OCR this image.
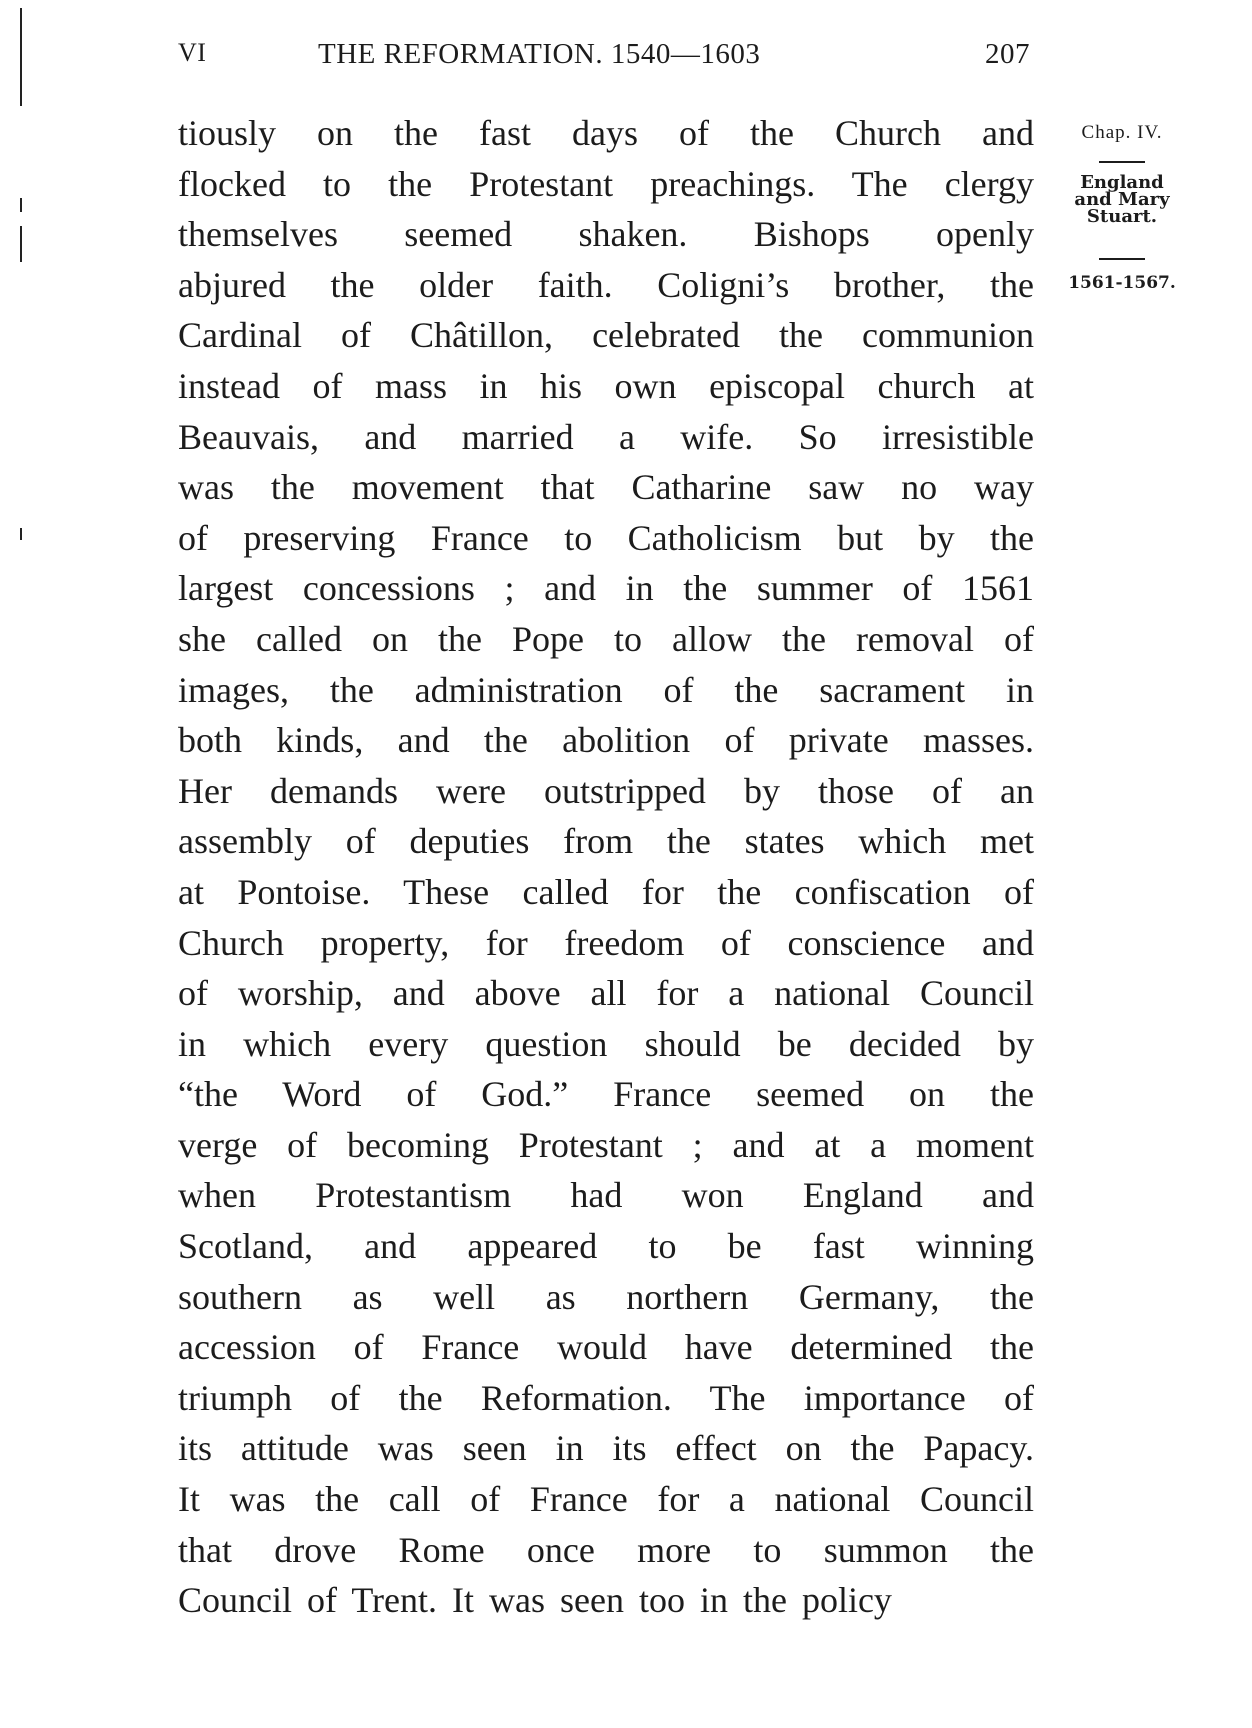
VI	THE REFORMATION. 1540—1603	207
Chap. IV.
England
and Mary
Stuart.
1561-1567.
tiously on the fast days of the Church and
flocked to the Protestant preachings. The clergy
themselves seemed shaken. Bishops openly
abjured the older faith. Coligni’s brother, the
Cardinal of Châtillon, celebrated the communion
instead of mass in his own episcopal church at
Beauvais, and married a wife. So irresistible
was the movement that Catharine saw no way
of preserving France to Catholicism but by the
largest concessions ; and in the summer of 1561
she called on the Pope to allow the removal of
images, the administration of the sacrament in
both kinds, and the abolition of private masses.
Her demands were outstripped by those of an
assembly of deputies from the states which met
at Pontoise. These called for the confiscation of
Church property, for freedom of conscience and
of worship, and above all for a national Council
in which every question should be decided by
“the Word of God.” France seemed on the
verge of becoming Protestant ; and at a moment
when Protestantism had won England and
Scotland, and appeared to be fast winning
southern as well as northern Germany, the
accession of France would have determined the
triumph of the Reformation. The importance of
its attitude was seen in its effect on the Papacy.
It was the call of France for a national Council
that drove Rome once more to summon the
Council of Trent. It was seen too in the policy
